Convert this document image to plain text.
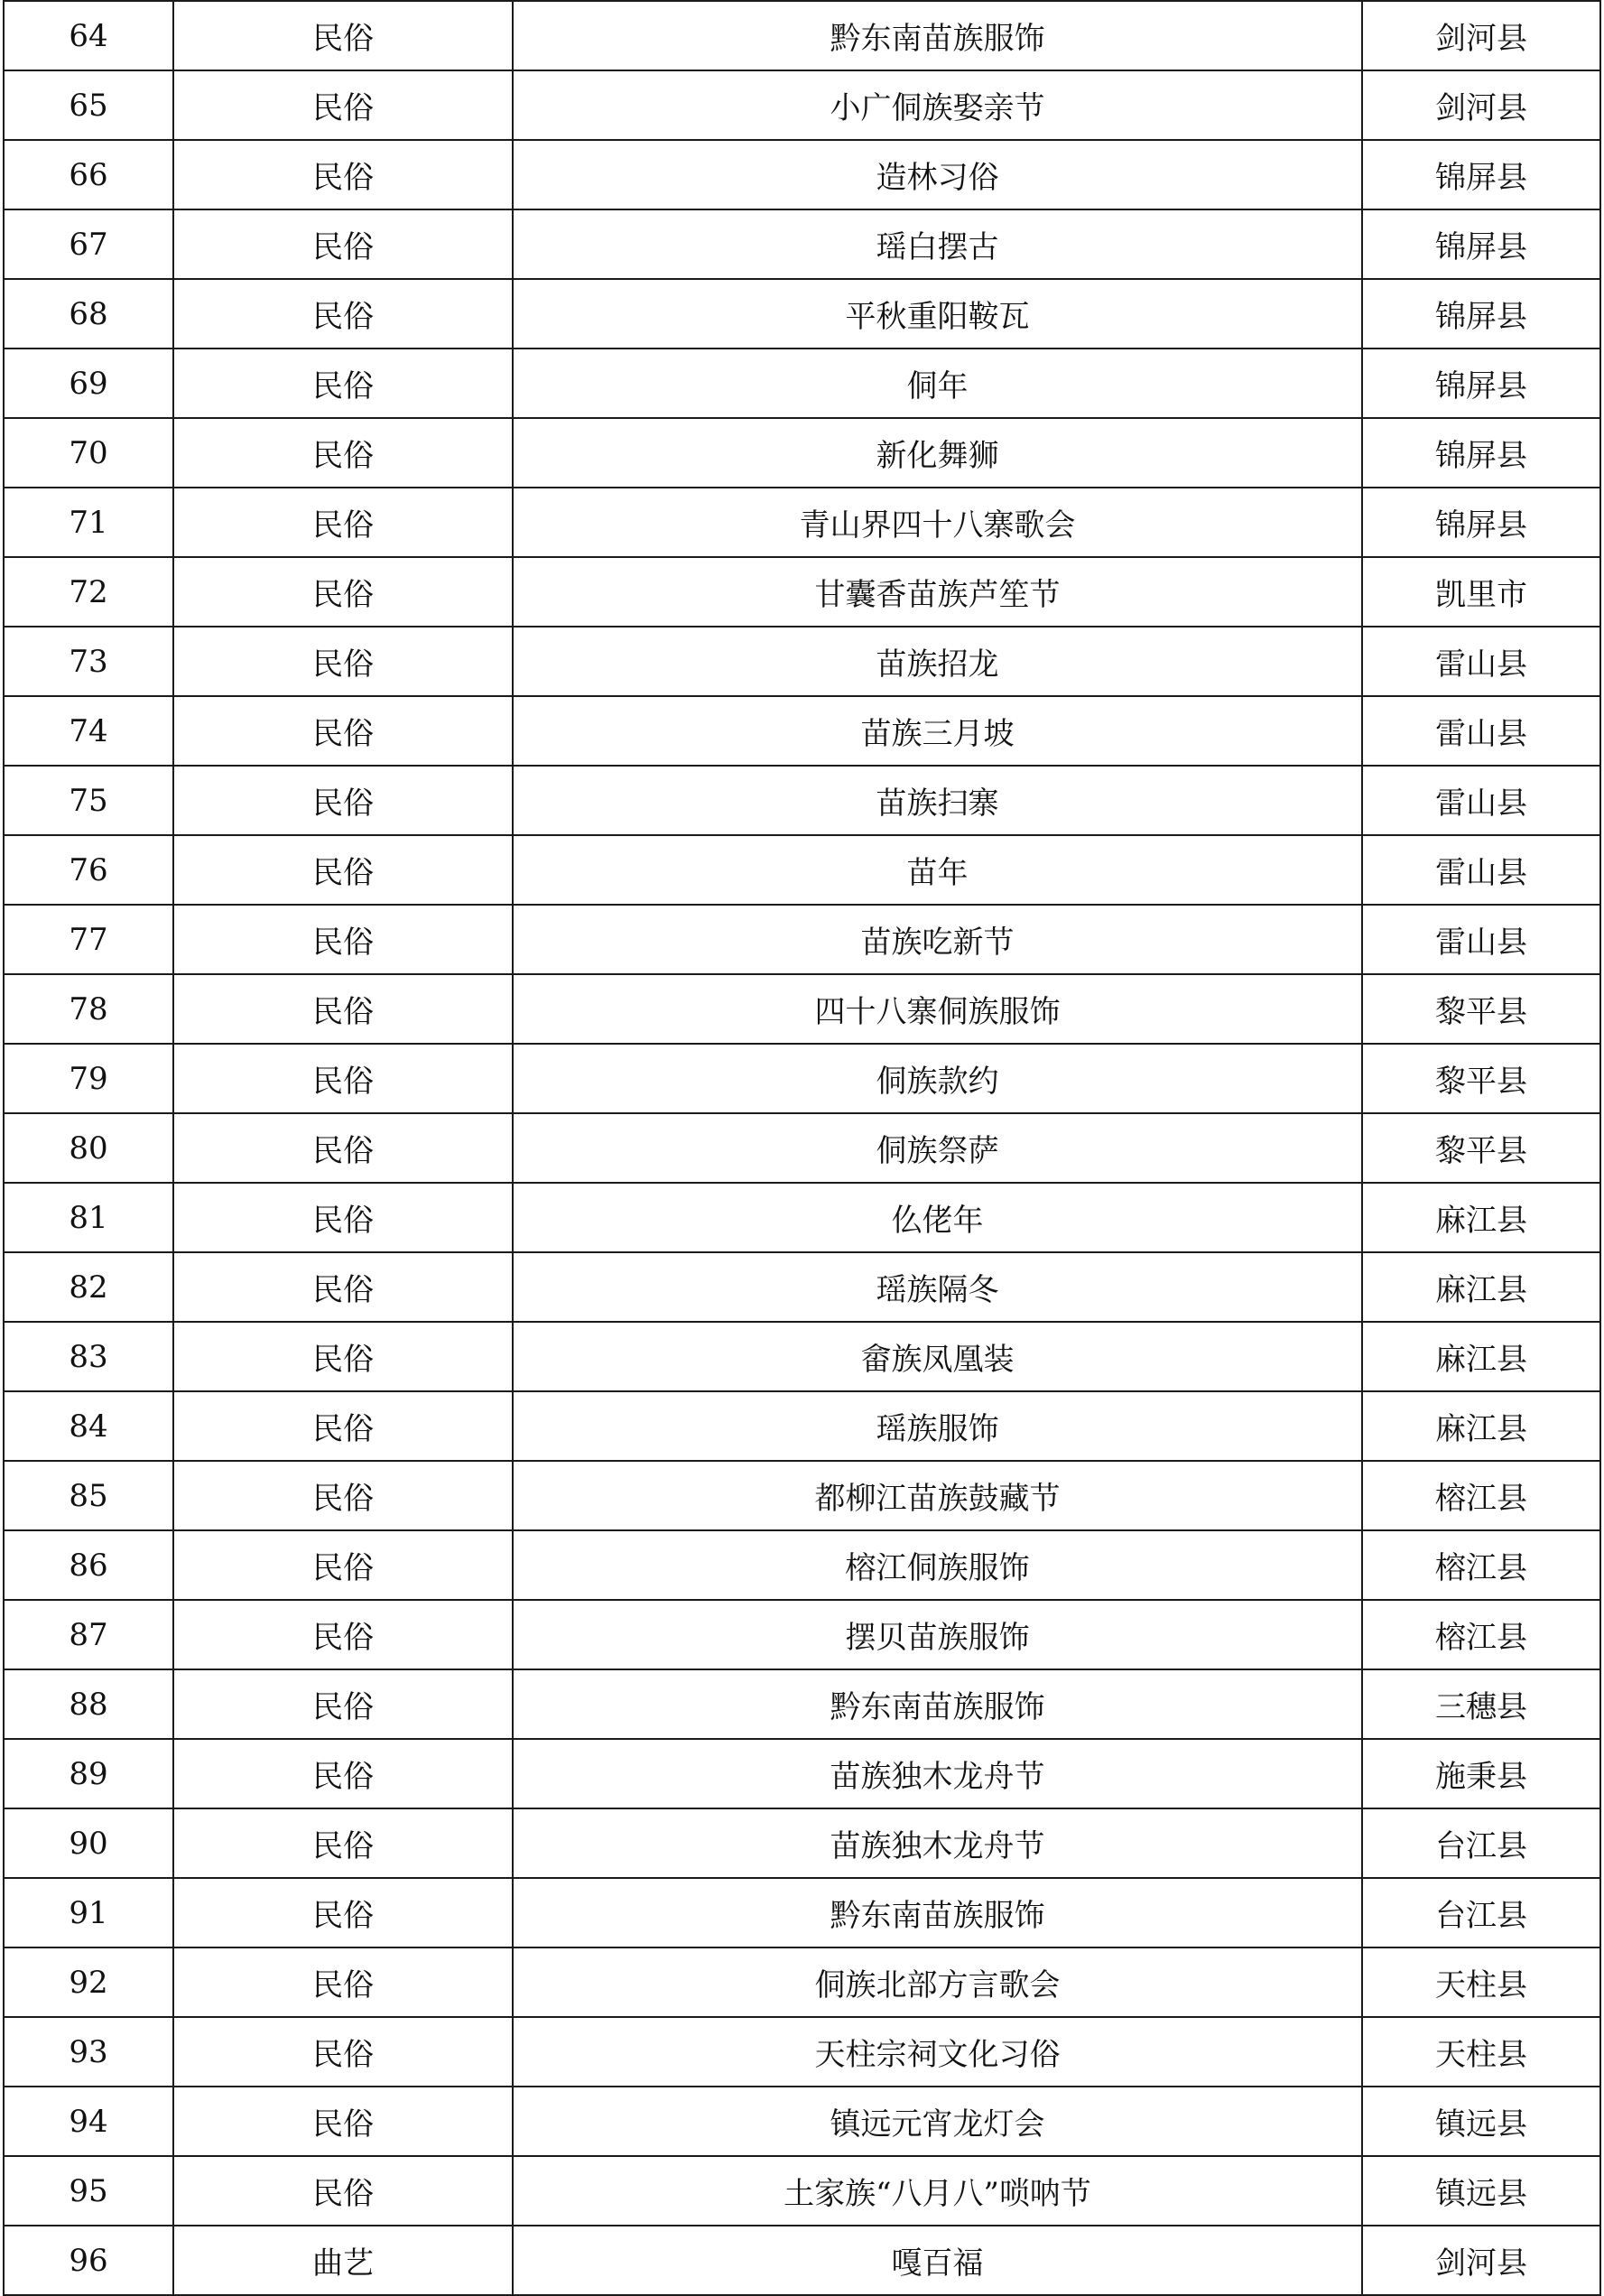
64	民俗	黔东南苗族服饰	剑河县
65	民俗	小广侗族娶亲节	剑河县
66	民俗	造林习俗	锦屏县
67	民俗	瑶白摆古	锦屏县
68	民俗	平秋重阳鞍瓦	锦屏县
69	民俗	侗年	锦屏县
70	民俗	新化舞狮	锦屏县
71	民俗	青山界四十八寨歌会	锦屏县
72	民俗	甘囊香苗族芦笙节	凯里市
73	民俗	苗族招龙	雷山县
74	民俗	苗族三月坡	雷山县
75	民俗	苗族扫寨	雷山县
76	民俗	苗年	雷山县
77	民俗	苗族吃新节	雷山县
78	民俗	四十八寨侗族服饰	黎平县
79	民俗	侗族款约	黎平县
80	民俗	侗族祭萨	黎平县
81	民俗	仫佬年	麻江县
82	民俗	瑶族隔冬	麻江县
83	民俗	畲族凤凰装	麻江县
84	民俗	瑶族服饰	麻江县
85	民俗	都柳江苗族鼓藏节	榕江县
86	民俗	榕江侗族服饰	榕江县
87	民俗	摆贝苗族服饰	榕江县
88	民俗	黔东南苗族服饰	三穗县
89	民俗	苗族独木龙舟节	施秉县
90	民俗	苗族独木龙舟节	台江县
91	民俗	黔东南苗族服饰	台江县
92	民俗	侗族北部方言歌会	天柱县
93	民俗	天柱宗祠文化习俗	天柱县
94	民俗	镇远元宵龙灯会	镇远县
95	民俗	土家族“八月八”唢呐节	镇远县
96	曲艺	嘎百福	剑河县
